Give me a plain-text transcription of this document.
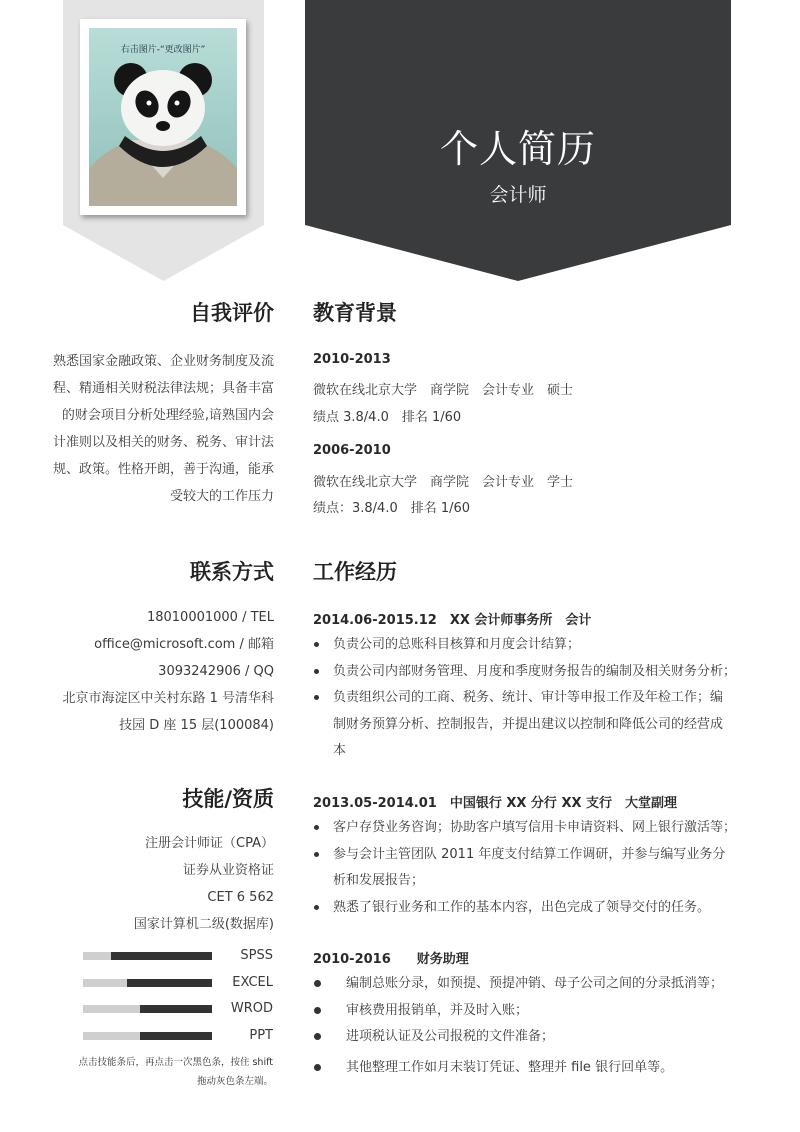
右击图片-“更改图片”
个人简历
会计师
自我评价
熟悉国家金融政策、企业财务制度及流
程、精通相关财税法律法规；具备丰富
的财会项目分析处理经验,谙熟国内会
计准则以及相关的财务、税务、审计法
规、政策。性格开朗，善于沟通，能承
受较大的工作压力
联系方式
18010001000 / TEL
office@microsoft.com / 邮箱
3093242906 / QQ
北京市海淀区中关村东路 1 号清华科
技园 D 座 15 层(100084)
技能/资质
注册会计师证（CPA）
证券从业资格证
CET 6 562
国家计算机二级(数据库)
SPSS
EXCEL
WROD
PPT
点击技能条后，再点击一次黑色条，按住 shift
拖动灰色条左端。
教育背景
2010-2013
微软在线北京大学　商学院　会计专业　硕士
绩点 3.8/4.0　排名 1/60
2006-2010
微软在线北京大学　商学院　会计专业　学士
绩点：3.8/4.0　排名 1/60
工作经历
2014.06-2015.12　XX 会计师事务所　会计
负责公司的总账科目核算和月度会计结算；
负责公司内部财务管理、月度和季度财务报告的编制及相关财务分析；
负责组织公司的工商、税务、统计、审计等申报工作及年检工作；编
制财务预算分析、控制报告，并提出建议以控制和降低公司的经营成
本
2013.05-2014.01　中国银行 XX 分行 XX 支行　大堂副理
客户存贷业务咨询；协助客户填写信用卡申请资料、网上银行激活等；
参与会计主管团队 2011 年度支付结算工作调研，并参与编写业务分
析和发展报告；
熟悉了银行业务和工作的基本内容，出色完成了领导交付的任务。
2010-2016　　财务助理
编制总账分录，如预提、预提冲销、母子公司之间的分录抵消等；
审核费用报销单，并及时入账；
进项税认证及公司报税的文件准备；
其他整理工作如月末装订凭证、整理并 file 银行回单等。
